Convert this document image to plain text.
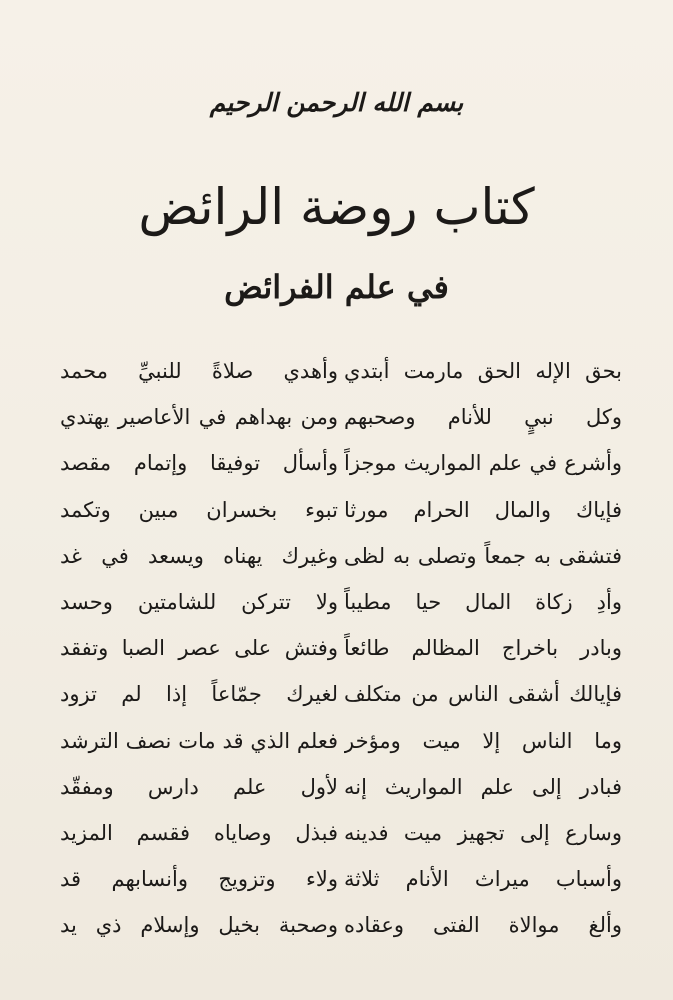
بسم الله الرحمن الرحيم
كتاب روضة الرائض
في علم الفرائض
بحق الإله الحق مارمت أبتدي
وكل نبيٍ للأنام وصحبهم
وأشرع في علم المواريث موجزاً
فإياك والمال الحرام مورثا
فتشقى به جمعاً وتصلى به لظى
وأدِ زكاة المال حيا مطيباً
وبادر باخراج المظالم طائعاً
فإيالك أشقى الناس من متكلف
وما الناس إلا ميت ومؤخر
فبادر إلى علم المواريث إنه
وسارع إلى تجهيز ميت فدينه
وأسباب ميراث الأنام ثلاثة
وألغ موالاة الفتى وعقاده
وأهدي صلاةً للنبيِّ محمد
ومن بهداهم في الأعاصير يهتدي
وأسأل توفيقا وإتمام مقصد
تبوء بخسران مبين وتكمد
وغيرك يهناه ويسعد في غد
ولا تتركن للشامتين وحسد
وفتش على عصر الصبا وتفقد
لغيرك جمّاعاً إذا لم تزود
فعلم الذي قد مات نصف الترشد
لأول علم دارس ومفقّد
فبذل وصاياه فقسم المزيد
ولاء وتزويج وأنسابهم قد
وصحبة بخيل وإسلام ذي يد
